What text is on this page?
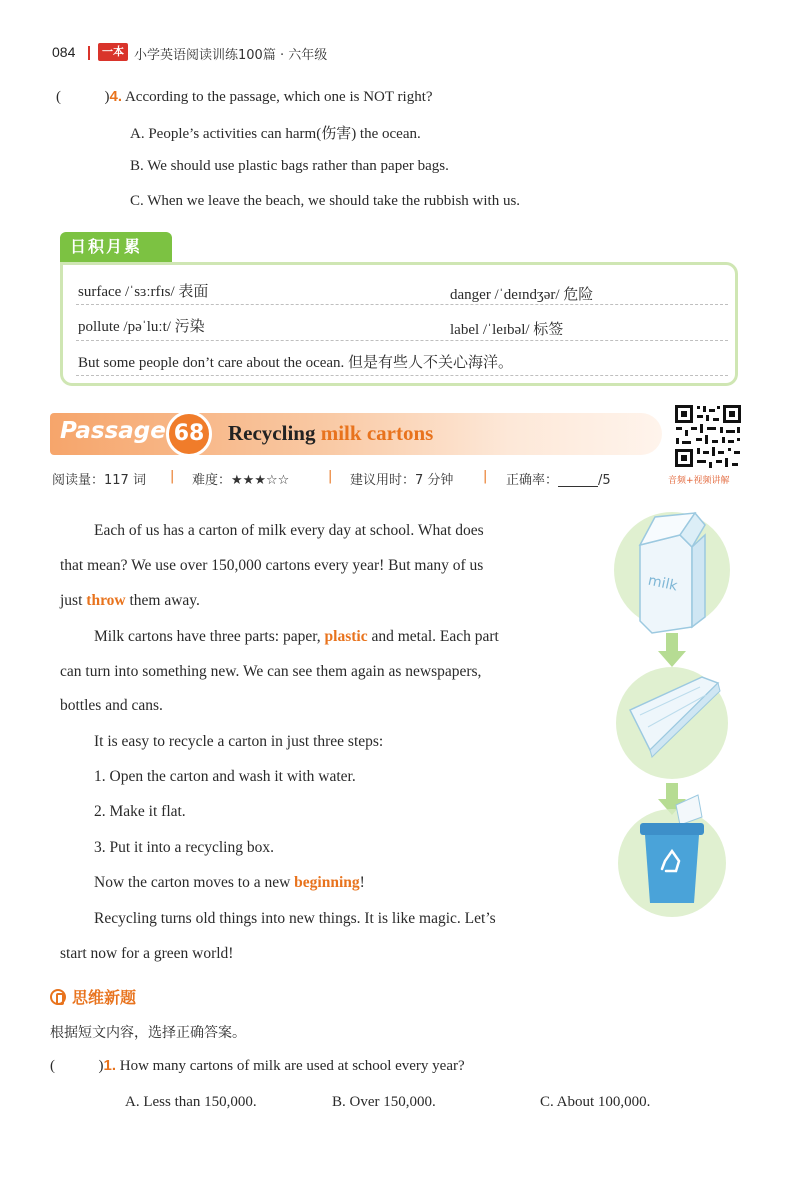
084	一本 小学英语阅读训练100篇 · 六年级
(	)4. According to the passage, which one is NOT right?
A. People’s activities can harm(伤害) the ocean.
B. We should use plastic bags rather than paper bags.
C. When we leave the beach, we should take the rubbish with us.
日积月累
surface /ˈsɜːrfɪs/ 表面	danger /ˈdeɪndʒər/ 危险
pollute /pəˈluːt/ 污染	label /ˈleɪbəl/ 标签
But some people don’t care about the ocean. 但是有些人不关心海洋。
Passage 68	Recycling milk cartons
音频+视频讲解
阅读量：117 词 | 难度：★★★☆☆	| 建议用时：7 分钟 | 正确率：	/5
Each of us has a carton of milk every day at school. What does
that mean? We use over 150,000 cartons every year! But many of us
just throw them away.
Milk cartons have three parts: paper, plastic and metal. Each part
can turn into something new. We can see them again as newspapers,
bottles and cans.
It is easy to recycle a carton in just three steps:
1. Open the carton and wash it with water.
2. Make it flat.
3. Put it into a recycling box.
Now the carton moves to a new beginning!
Recycling turns old things into new things. It is like magic. Let’s
start now for a green world!
milk
思维新题
根据短文内容，选择正确答案。
(	)1. How many cartons of milk are used at school every year?
A. Less than 150,000.	B. Over 150,000.	C. About 100,000.
